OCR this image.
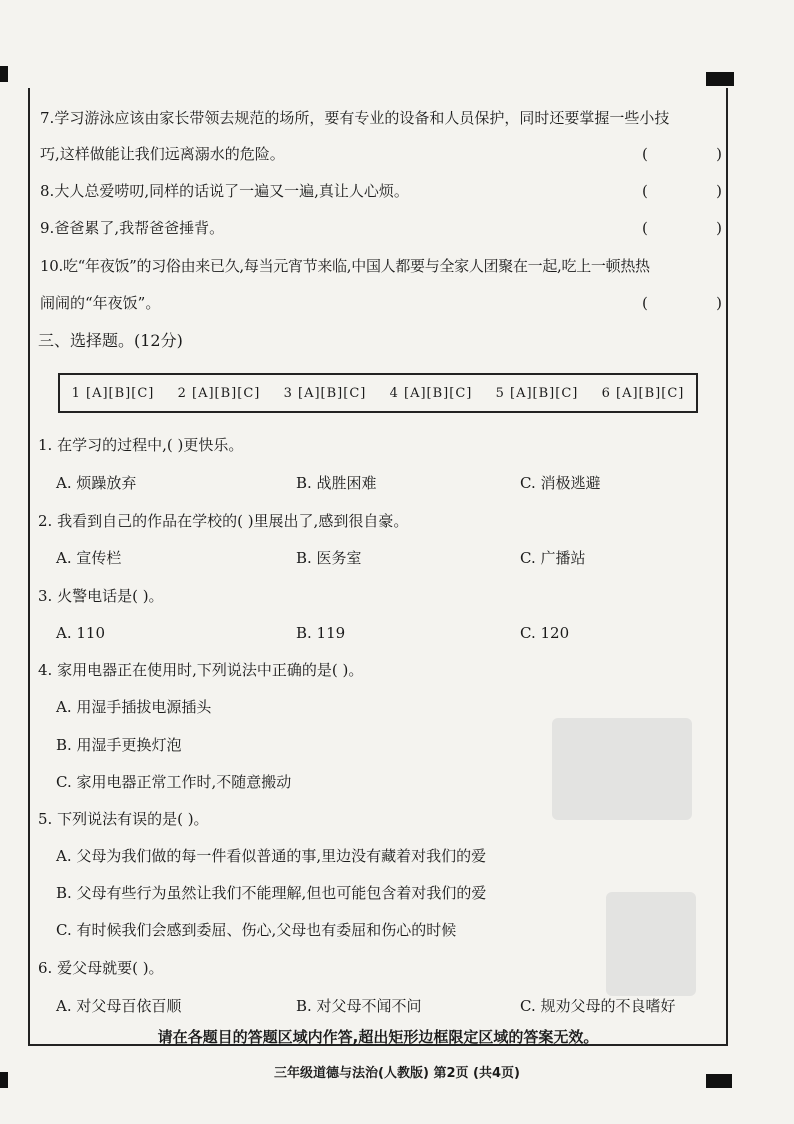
7.学习游泳应该由家长带领去规范的场所，要有专业的设备和人员保护，同时还要掌握一些小技
巧,这样做能让我们远离溺水的危险。	(	)
8.大人总爱唠叨,同样的话说了一遍又一遍,真让人心烦。	(	)
9.爸爸累了,我帮爸爸捶背。	(	)
10.吃“年夜饭”的习俗由来已久,每当元宵节来临,中国人都要与全家人团聚在一起,吃上一顿热热
闹闹的“年夜饭”。	(	)
三、选择题。(12分)
1 [A][B][C] 2 [A][B][C] 3 [A][B][C] 4 [A][B][C] 5 [A][B][C] 6 [A][B][C]
1. 在学习的过程中,( )更快乐。
A. 烦躁放弃	B. 战胜困难	C. 消极逃避
2. 我看到自己的作品在学校的( )里展出了,感到很自豪。
A. 宣传栏	B. 医务室	C. 广播站
3. 火警电话是( )。
A. 110	B. 119	C. 120
4. 家用电器正在使用时,下列说法中正确的是( )。
A. 用湿手插拔电源插头
B. 用湿手更换灯泡
C. 家用电器正常工作时,不随意搬动
5. 下列说法有误的是( )。
A. 父母为我们做的每一件看似普通的事,里边没有藏着对我们的爱
B. 父母有些行为虽然让我们不能理解,但也可能包含着对我们的爱
C. 有时候我们会感到委屈、伤心,父母也有委屈和伤心的时候
6. 爱父母就要( )。
A. 对父母百依百顺	B. 对父母不闻不问	C. 规劝父母的不良嗜好
请在各题目的答题区域内作答,超出矩形边框限定区域的答案无效。
三年级道德与法治(人教版) 第2页 (共4页)
